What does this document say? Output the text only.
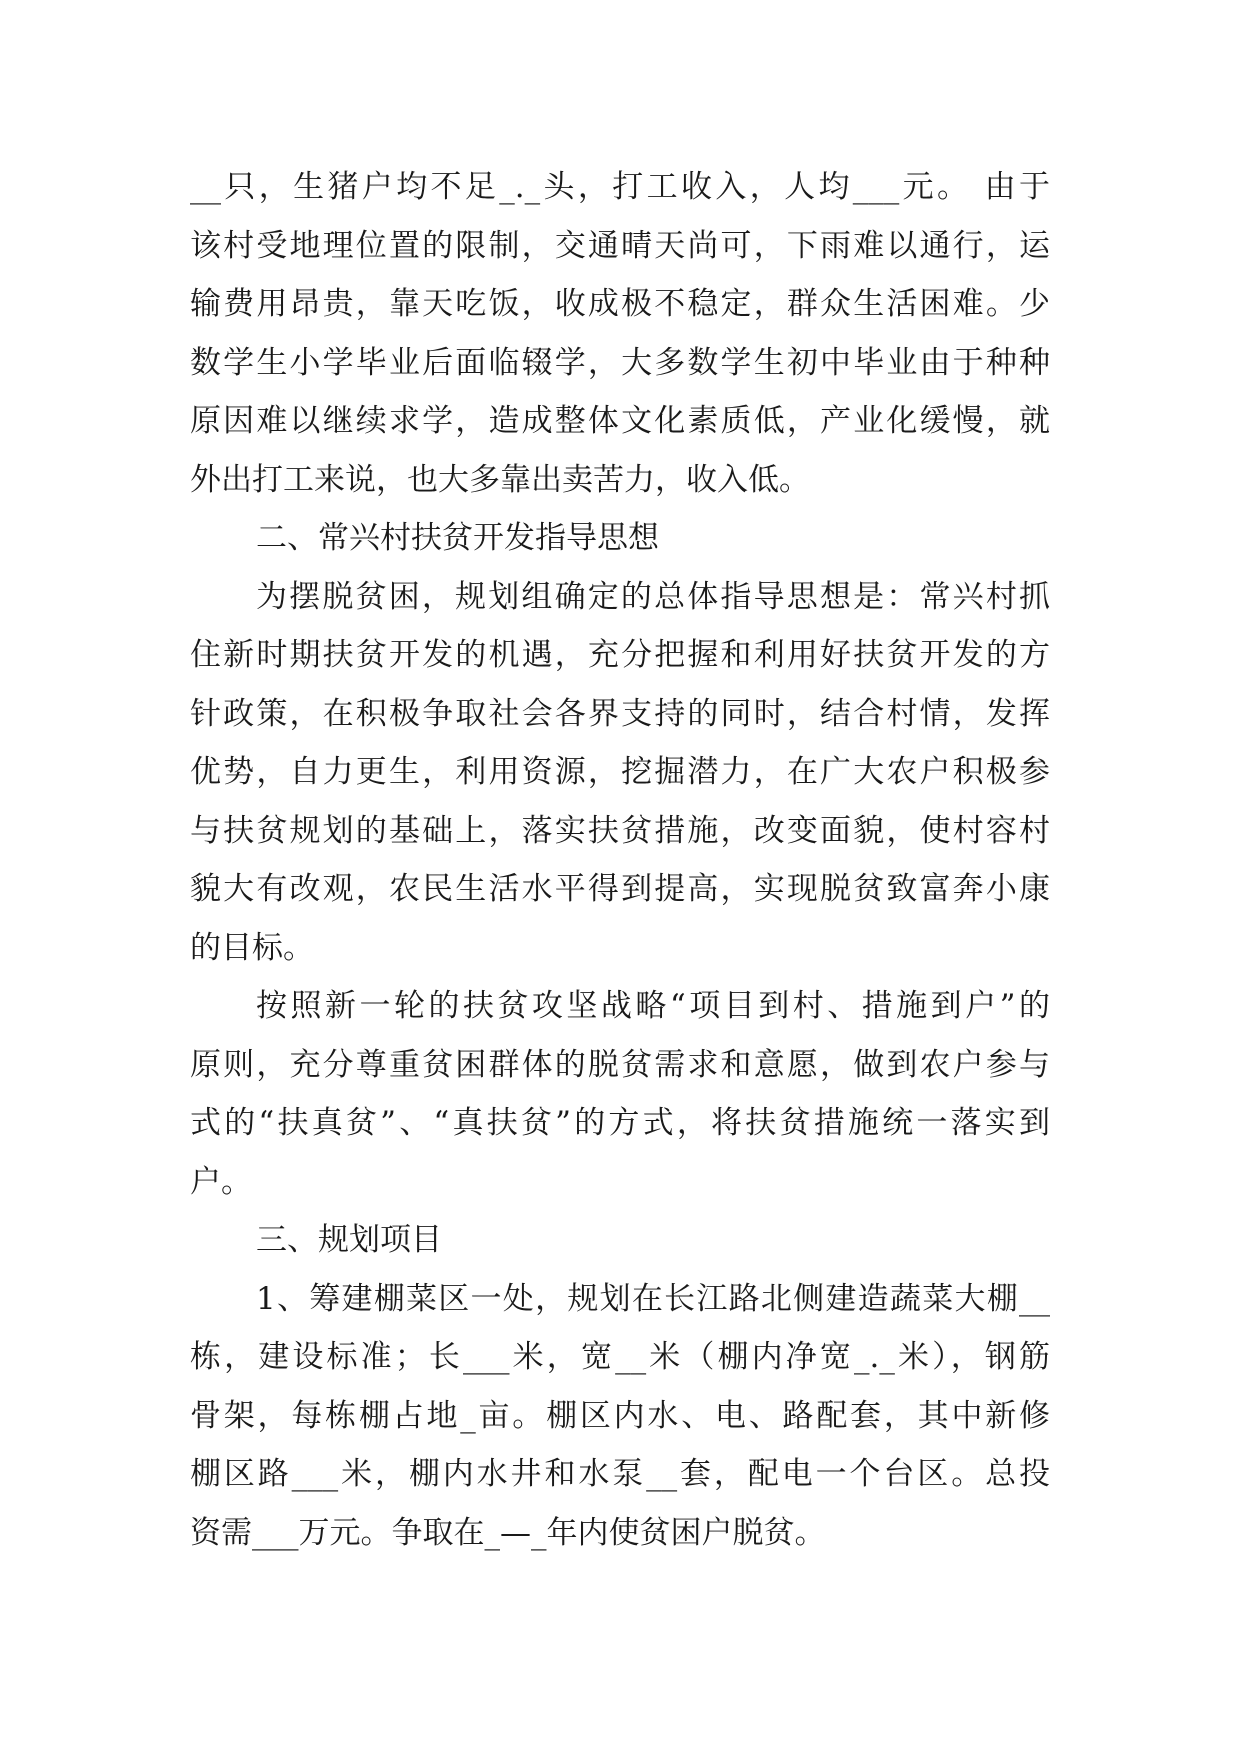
__只，生猪户均不足_._头，打工收入，人均___元。 由于
该村受地理位置的限制，交通晴天尚可，下雨难以通行，运
输费用昂贵，靠天吃饭，收成极不稳定，群众生活困难。少
数学生小学毕业后面临辍学，大多数学生初中毕业由于种种
原因难以继续求学，造成整体文化素质低，产业化缓慢，就
外出打工来说，也大多靠出卖苦力，收入低。
二、常兴村扶贫开发指导思想
为摆脱贫困，规划组确定的总体指导思想是：常兴村抓
住新时期扶贫开发的机遇，充分把握和利用好扶贫开发的方
针政策，在积极争取社会各界支持的同时，结合村情，发挥
优势，自力更生，利用资源，挖掘潜力，在广大农户积极参
与扶贫规划的基础上，落实扶贫措施，改变面貌，使村容村
貌大有改观，农民生活水平得到提高，实现脱贫致富奔小康
的目标。
按照新一轮的扶贫攻坚战略“项目到村、措施到户”的
原则，充分尊重贫困群体的脱贫需求和意愿，做到农户参与
式的“扶真贫”、“真扶贫”的方式，将扶贫措施统一落实到
户。
三、规划项目
1、筹建棚菜区一处，规划在长江路北侧建造蔬菜大棚__
栋，建设标准；长___米，宽__米（棚内净宽_._米），钢筋
骨架，每栋棚占地_亩。棚区内水、电、路配套，其中新修
棚区路___米，棚内水井和水泵__套，配电一个台区。总投
资需___万元。争取在_—_年内使贫困户脱贫。
